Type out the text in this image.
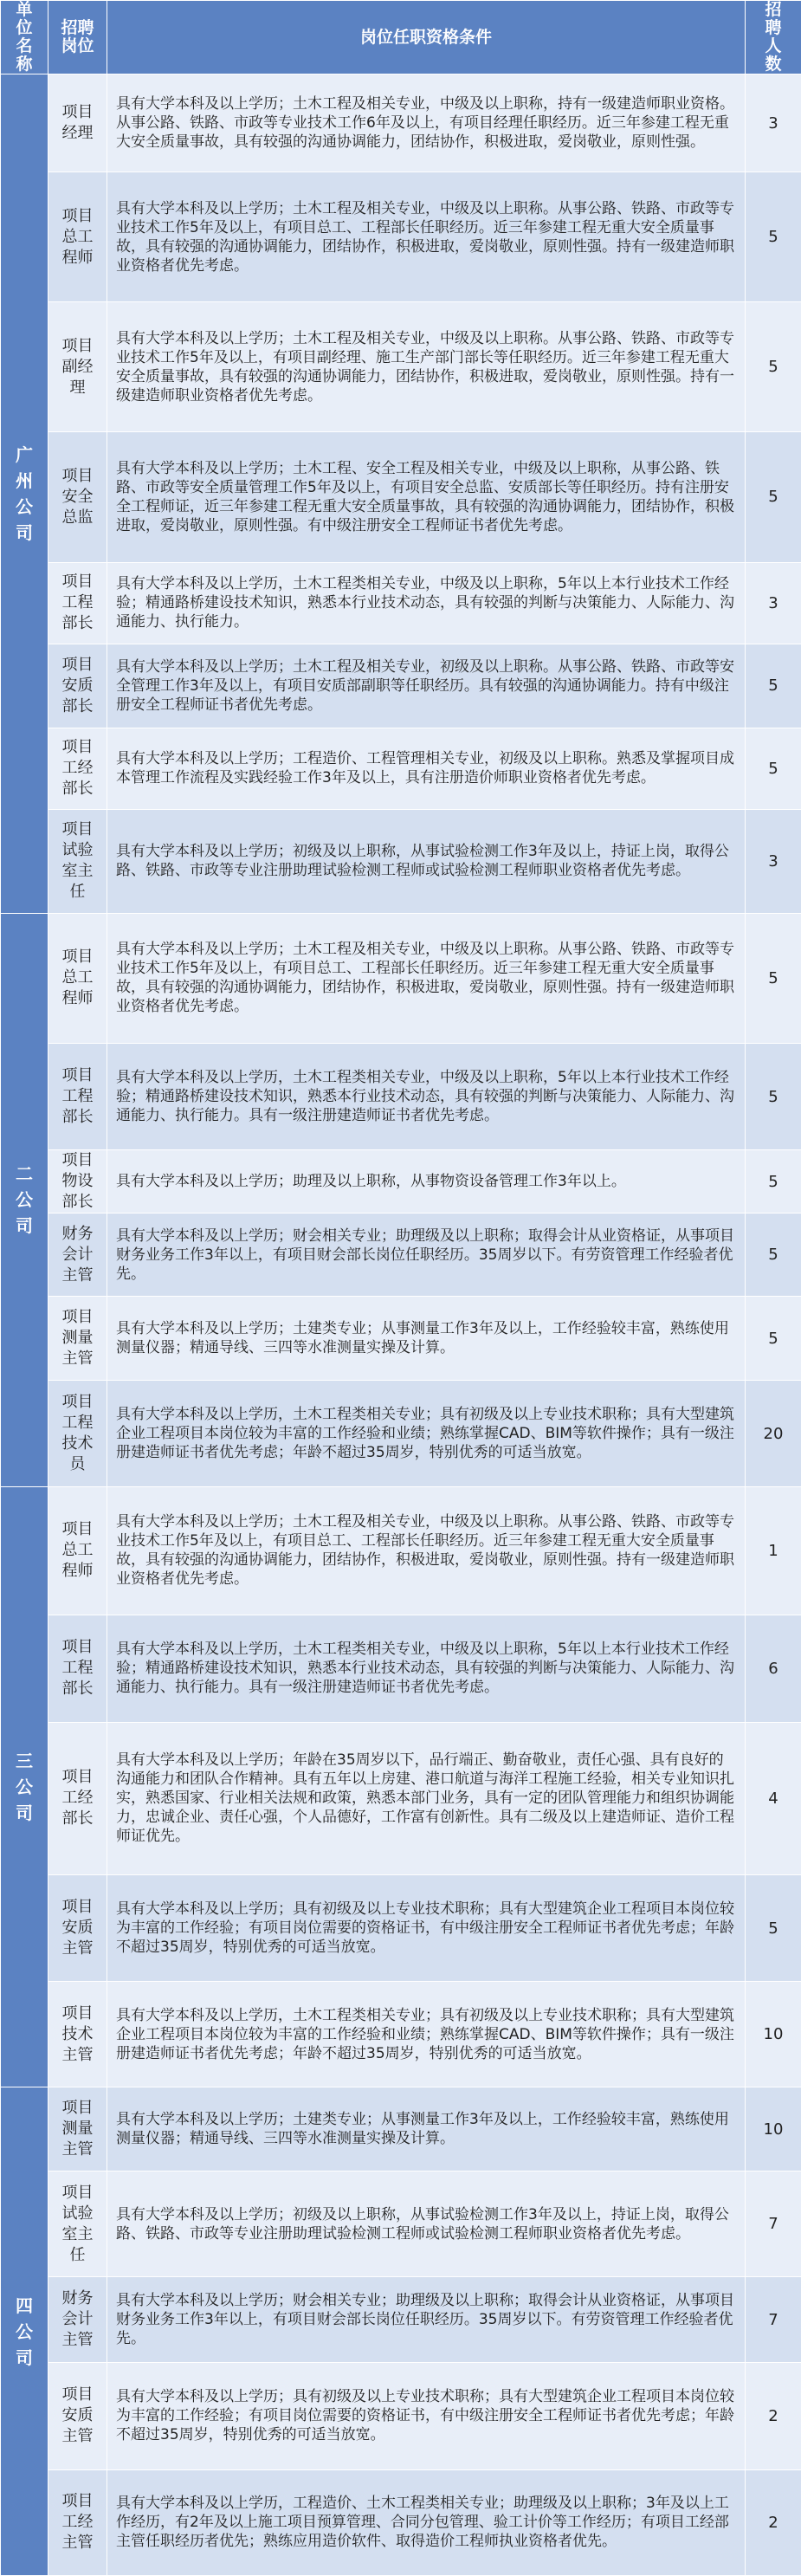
单位名称	招聘岗位	岗位任职资格条件	招聘人数
广州公司	项目经理	具有大学本科及以上学历；土木工程及相关专业，中级及以上职称，持有一级建造师职业资格。从事公路、铁路、市政等专业技术工作6年及以上，有项目经理任职经历。近三年参建工程无重大安全质量事故，具有较强的沟通协调能力，团结协作，积极进取，爱岗敬业，原则性强。	3
	项目总工程师	具有大学本科及以上学历；土木工程及相关专业，中级及以上职称。从事公路、铁路、市政等专业技术工作5年及以上，有项目总工、工程部长任职经历。近三年参建工程无重大安全质量事故，具有较强的沟通协调能力，团结协作，积极进取，爱岗敬业，原则性强。持有一级建造师职业资格者优先考虑。	5
	项目副经理	具有大学本科及以上学历；土木工程及相关专业，中级及以上职称。从事公路、铁路、市政等专业技术工作5年及以上，有项目副经理、施工生产部门部长等任职经历。近三年参建工程无重大安全质量事故，具有较强的沟通协调能力，团结协作，积极进取，爱岗敬业，原则性强。持有一级建造师职业资格者优先考虑。	5
	项目安全总监	具有大学本科及以上学历；土木工程、安全工程及相关专业，中级及以上职称，从事公路、铁路、市政等安全质量管理工作5年及以上，有项目安全总监、安质部长等任职经历。持有注册安全工程师证，近三年参建工程无重大安全质量事故，具有较强的沟通协调能力，团结协作，积极进取，爱岗敬业，原则性强。有中级注册安全工程师证书者优先考虑。	5
	项目工程部长	具有大学本科及以上学历，土木工程类相关专业，中级及以上职称，5年以上本行业技术工作经验；精通路桥建设技术知识，熟悉本行业技术动态，具有较强的判断与决策能力、人际能力、沟通能力、执行能力。	3
	项目安质部长	具有大学本科及以上学历；土木工程及相关专业，初级及以上职称。从事公路、铁路、市政等安全管理工作3年及以上，有项目安质部副职等任职经历。具有较强的沟通协调能力。持有中级注册安全工程师证书者优先考虑。	5
	项目工经部长	具有大学本科及以上学历；工程造价、工程管理相关专业，初级及以上职称。熟悉及掌握项目成本管理工作流程及实践经验工作3年及以上，具有注册造价师职业资格者优先考虑。	5
	项目试验室主任	具有大学本科及以上学历；初级及以上职称，从事试验检测工作3年及以上，持证上岗，取得公路、铁路、市政等专业注册助理试验检测工程师或试验检测工程师职业资格者优先考虑。	3
二公司	项目总工程师	具有大学本科及以上学历；土木工程及相关专业，中级及以上职称。从事公路、铁路、市政等专业技术工作5年及以上，有项目总工、工程部长任职经历。近三年参建工程无重大安全质量事故，具有较强的沟通协调能力，团结协作，积极进取，爱岗敬业，原则性强。持有一级建造师职业资格者优先考虑。	5
	项目工程部长	具有大学本科及以上学历，土木工程类相关专业，中级及以上职称，5年以上本行业技术工作经验；精通路桥建设技术知识，熟悉本行业技术动态，具有较强的判断与决策能力、人际能力、沟通能力、执行能力。具有一级注册建造师证书者优先考虑。	5
	项目物设部长	具有大学本科及以上学历；助理及以上职称，从事物资设备管理工作3年以上。	5
	财务会计主管	具有大学本科及以上学历；财会相关专业；助理级及以上职称；取得会计从业资格证，从事项目财务业务工作3年以上，有项目财会部长岗位任职经历。35周岁以下。有劳资管理工作经验者优先。	5
	项目测量主管	具有大学本科及以上学历；土建类专业；从事测量工作3年及以上，工作经验较丰富，熟练使用测量仪器；精通导线、三四等水准测量实操及计算。	5
	项目工程技术员	具有大学本科及以上学历，土木工程类相关专业；具有初级及以上专业技术职称；具有大型建筑企业工程项目本岗位较为丰富的工作经验和业绩；熟练掌握CAD、BIM等软件操作；具有一级注册建造师证书者优先考虑；年龄不超过35周岁，特别优秀的可适当放宽。	20
三公司	项目总工程师	具有大学本科及以上学历；土木工程及相关专业，中级及以上职称。从事公路、铁路、市政等专业技术工作5年及以上，有项目总工、工程部长任职经历。近三年参建工程无重大安全质量事故，具有较强的沟通协调能力，团结协作，积极进取，爱岗敬业，原则性强。持有一级建造师职业资格者优先考虑。	1
	项目工程部长	具有大学本科及以上学历，土木工程类相关专业，中级及以上职称，5年以上本行业技术工作经验；精通路桥建设技术知识，熟悉本行业技术动态，具有较强的判断与决策能力、人际能力、沟通能力、执行能力。具有一级注册建造师证书者优先考虑。	6
	项目工经部长	具有大学本科及以上学历；年龄在35周岁以下，品行端正、勤奋敬业，责任心强、具有良好的沟通能力和团队合作精神。具有五年以上房建、港口航道与海洋工程施工经验，相关专业知识扎实，熟悉国家、行业相关法规和政策，熟悉本部门业务，具有一定的团队管理能力和组织协调能力，忠诚企业、责任心强，个人品德好，工作富有创新性。具有二级及以上建造师证、造价工程师证优先。	4
	项目安质主管	具有大学本科及以上学历；具有初级及以上专业技术职称；具有大型建筑企业工程项目本岗位较为丰富的工作经验；有项目岗位需要的资格证书，有中级注册安全工程师证书者优先考虑；年龄不超过35周岁，特别优秀的可适当放宽。	5
	项目技术主管	具有大学本科及以上学历，土木工程类相关专业；具有初级及以上专业技术职称；具有大型建筑企业工程项目本岗位较为丰富的工作经验和业绩；熟练掌握CAD、BIM等软件操作；具有一级注册建造师证书者优先考虑；年龄不超过35周岁，特别优秀的可适当放宽。	10
四公司	项目测量主管	具有大学本科及以上学历；土建类专业；从事测量工作3年及以上，工作经验较丰富，熟练使用测量仪器；精通导线、三四等水准测量实操及计算。	10
	项目试验室主任	具有大学本科及以上学历；初级及以上职称，从事试验检测工作3年及以上，持证上岗，取得公路、铁路、市政等专业注册助理试验检测工程师或试验检测工程师职业资格者优先考虑。	7
	财务会计主管	具有大学本科及以上学历；财会相关专业；助理级及以上职称；取得会计从业资格证，从事项目财务业务工作3年以上，有项目财会部长岗位任职经历。35周岁以下。有劳资管理工作经验者优先。	7
	项目安质主管	具有大学本科及以上学历；具有初级及以上专业技术职称；具有大型建筑企业工程项目本岗位较为丰富的工作经验；有项目岗位需要的资格证书，有中级注册安全工程师证书者优先考虑；年龄不超过35周岁，特别优秀的可适当放宽。	2
	项目工经主管	具有大学本科及以上学历，工程造价、土木工程类相关专业；助理级及以上职称；3年及以上工作经历，有2年及以上施工项目预算管理、合同分包管理、验工计价等工作经历；有项目工经部主管任职经历者优先；熟练应用造价软件、取得造价工程师执业资格者优先。	2
